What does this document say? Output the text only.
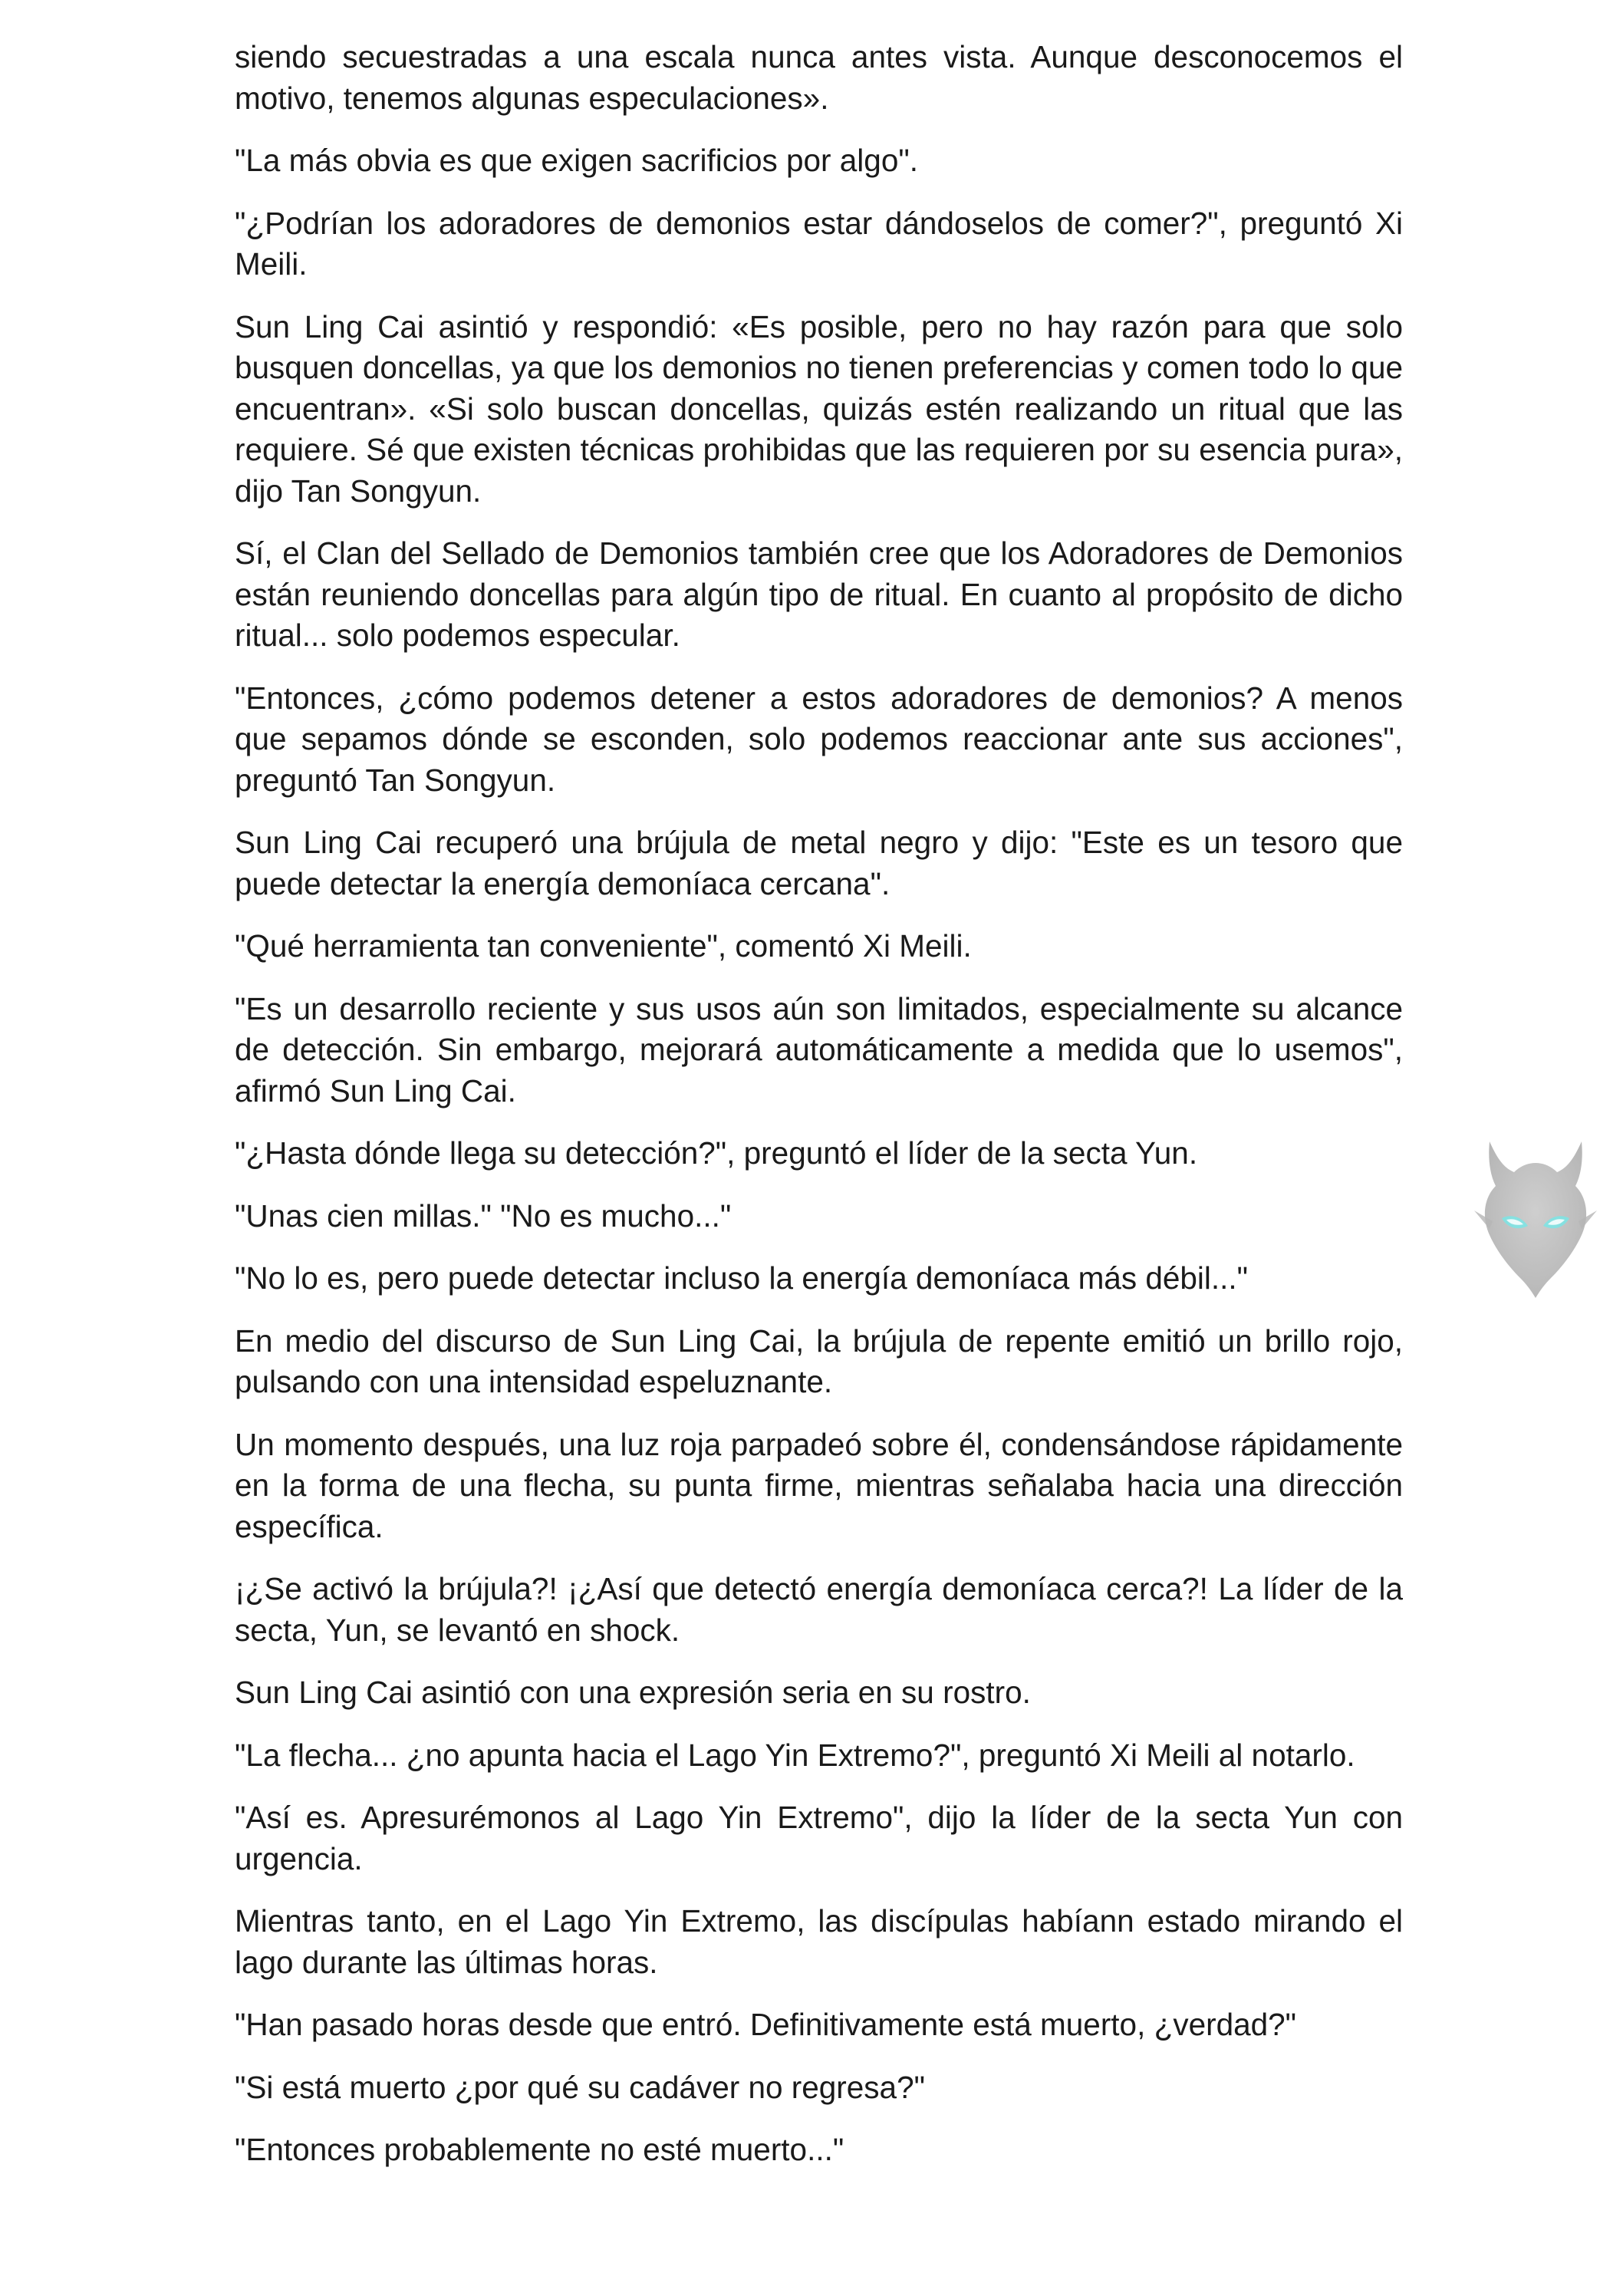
siendo secuestradas a una escala nunca antes vista. Aunque desconocemos el motivo, tenemos algunas especulaciones».

"La más obvia es que exigen sacrificios por algo".

"¿Podrían los adoradores de demonios estar dándoselos de comer?", preguntó Xi Meili.

Sun Ling Cai asintió y respondió: «Es posible, pero no hay razón para que solo busquen doncellas, ya que los demonios no tienen preferencias y comen todo lo que encuentran». «Si solo buscan doncellas, quizás estén realizando un ritual que las requiere. Sé que existen técnicas prohibidas que las requieren por su esencia pura», dijo Tan Songyun.

Sí, el Clan del Sellado de Demonios también cree que los Adoradores de Demonios están reuniendo doncellas para algún tipo de ritual. En cuanto al propósito de dicho ritual... solo podemos especular.

"Entonces, ¿cómo podemos detener a estos adoradores de demonios? A menos que sepamos dónde se esconden, solo podemos reaccionar ante sus acciones", preguntó Tan Songyun.

Sun Ling Cai recuperó una brújula de metal negro y dijo: "Este es un tesoro que puede detectar la energía demoníaca cercana".

"Qué herramienta tan conveniente", comentó Xi Meili.

"Es un desarrollo reciente y sus usos aún son limitados, especialmente su alcance de detección. Sin embargo, mejorará automáticamente a medida que lo usemos", afirmó Sun Ling Cai.

"¿Hasta dónde llega su detección?", preguntó el líder de la secta Yun.

"Unas cien millas." "No es mucho..."

"No lo es, pero puede detectar incluso la energía demoníaca más débil..."

En medio del discurso de Sun Ling Cai, la brújula de repente emitió un brillo rojo, pulsando con una intensidad espeluznante.

Un momento después, una luz roja parpadeó sobre él, condensándose rápidamente en la forma de una flecha, su punta firme, mientras señalaba hacia una dirección específica.

¡¿Se activó la brújula?! ¡¿Así que detectó energía demoníaca cerca?! La líder de la secta, Yun, se levantó en shock.

Sun Ling Cai asintió con una expresión seria en su rostro.

"La flecha... ¿no apunta hacia el Lago Yin Extremo?", preguntó Xi Meili al notarlo.

"Así es. Apresurémonos al Lago Yin Extremo", dijo la líder de la secta Yun con urgencia.

Mientras tanto, en el Lago Yin Extremo, las discípulas habíann estado mirando el lago durante las últimas horas.

"Han pasado horas desde que entró. Definitivamente está muerto, ¿verdad?"

"Si está muerto ¿por qué su cadáver no regresa?"

"Entonces probablemente no esté muerto..."
